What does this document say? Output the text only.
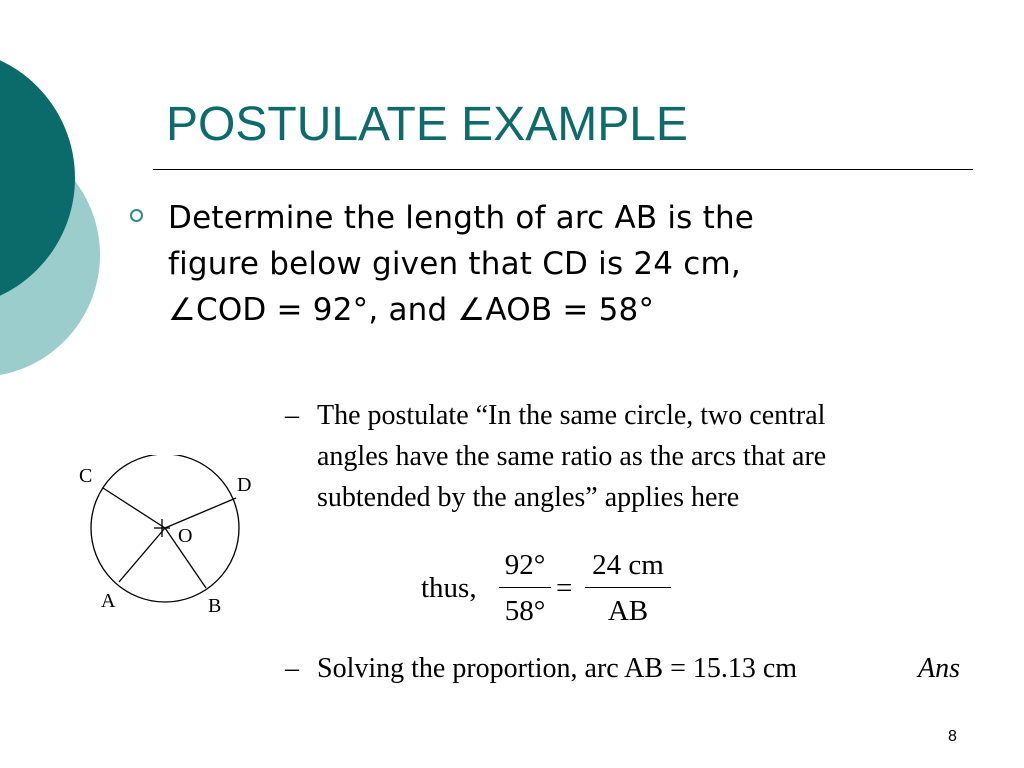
POSTULATE EXAMPLE
Determine the length of arc AB is the
figure below given that CD is 24 cm,
∠COD = 92°, and ∠AOB = 58°
– The postulate “In the same circle, two central
angles have the same ratio as the arcs that are
subtended by the angles” applies here
thus,
92°
58°
=
24 cm
AB
– Solving the proportion, arc AB = 15.13 cm	Ans
C	D
O
A	B
8
